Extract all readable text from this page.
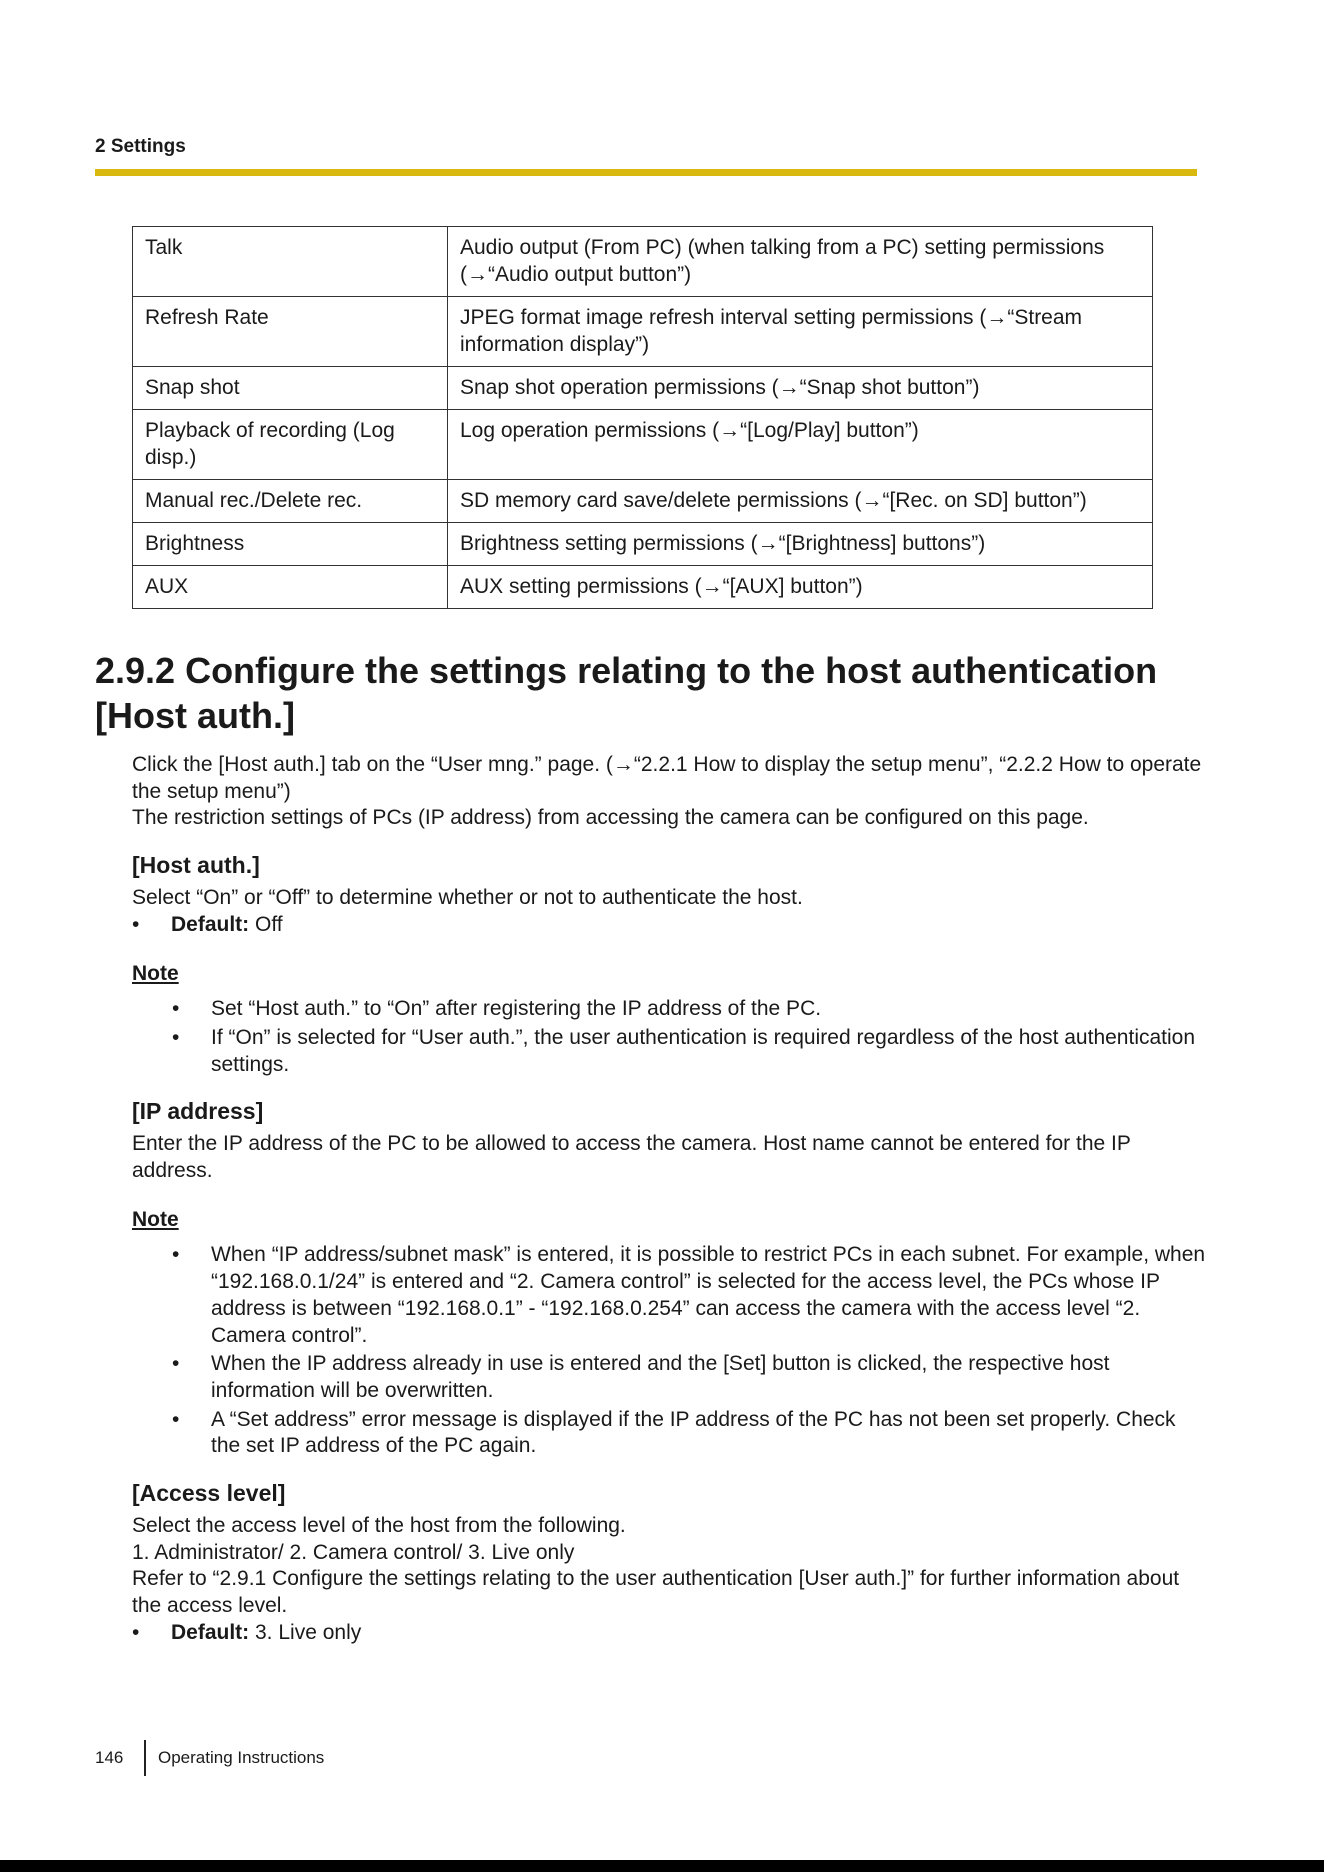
2 Settings
Talk	Audio output (From PC) (when talking from a PC) setting permissions (→“Audio output button”)
Refresh Rate	JPEG format image refresh interval setting permissions (→“Stream information display”)
Snap shot	Snap shot operation permissions (→“Snap shot button”)
Playback of recording (Log disp.)	Log operation permissions (→“[Log/Play] button”)
Manual rec./Delete rec.	SD memory card save/delete permissions (→“[Rec. on SD] button”)
Brightness	Brightness setting permissions (→“[Brightness] buttons”)
AUX	AUX setting permissions (→“[AUX] button”)
2.9.2 Configure the settings relating to the host authentication [Host auth.]

Click the [Host auth.] tab on the “User mng.” page. (→“2.2.1 How to display the setup menu”, “2.2.2 How to operate the setup menu”)

The restriction settings of PCs (IP address) from accessing the camera can be configured on this page.

[Host auth.]

Select “On” or “Off” to determine whether or not to authenticate the host.

• Default: Off
Note
• Set “Host auth.” to “On” after registering the IP address of the PC.
• If “On” is selected for “User auth.”, the user authentication is required regardless of the host authentication settings.
[IP address]

Enter the IP address of the PC to be allowed to access the camera. Host name cannot be entered for the IP address.

Note
• When “IP address/subnet mask” is entered, it is possible to restrict PCs in each subnet. For example, when “192.168.0.1/24” is entered and “2. Camera control” is selected for the access level, the PCs whose IP address is between “192.168.0.1” - “192.168.0.254” can access the camera with the access level “2. Camera control”.
• When the IP address already in use is entered and the [Set] button is clicked, the respective host information will be overwritten.
• A “Set address” error message is displayed if the IP address of the PC has not been set properly. Check the set IP address of the PC again.
[Access level]

Select the access level of the host from the following.

1. Administrator/ 2. Camera control/ 3. Live only

Refer to “2.9.1 Configure the settings relating to the user authentication [User auth.]” for further information about the access level.

• Default: 3. Live only
146 Operating Instructions
